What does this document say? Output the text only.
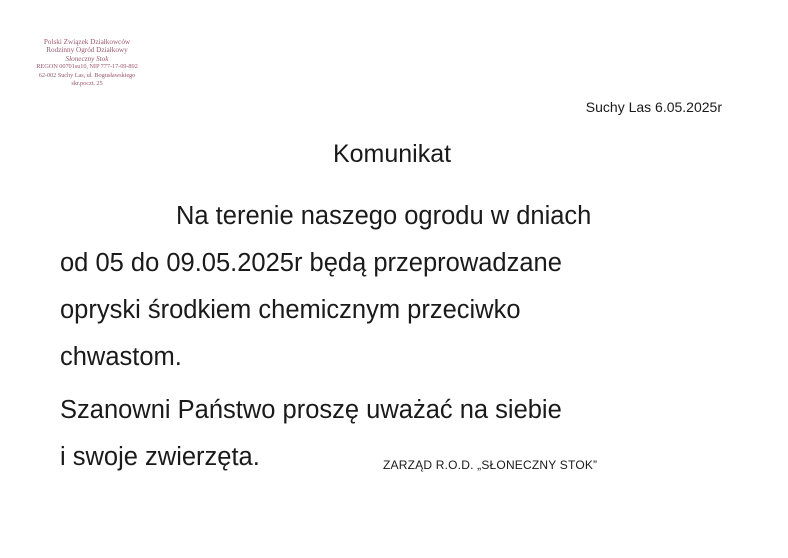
Polski Związek Działkowców
Rodzinny Ogród Działkowy
Słoneczny Stok
REGON 00701su10, NIP 777-17-09-892
62-002 Suchy Las, ul. Bogusławskiego
skr.poczt. 25
Suchy Las 6.05.2025r
Komunikat
Na terenie naszego ogrodu w dniach
od 05 do 09.05.2025r będą przeprowadzane
opryski środkiem chemicznym przeciwko
chwastom.
Szanowni Państwo proszę uważać na siebie
i swoje zwierzęta.	ZARZĄD R.O.D. „SŁONECZNY STOK”
